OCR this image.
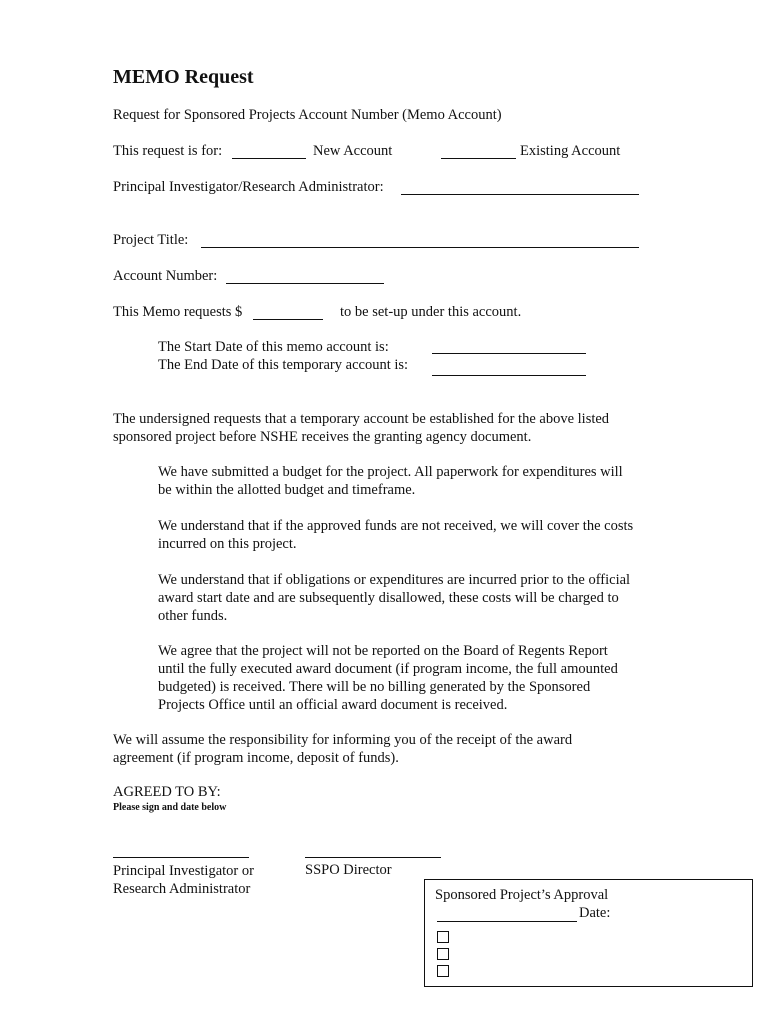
MEMO Request
Request for Sponsored Projects Account Number (Memo Account)
This request is for:	New Account	Existing Account
Principal Investigator/Research Administrator:
Project Title:
Account Number:
This Memo requests $	to be set-up under this account.
The Start Date of this memo account is:
The End Date of this temporary account is:
The undersigned requests that a temporary account be established for the above listed
sponsored project before NSHE receives the granting agency document.
We have submitted a budget for the project. All paperwork for expenditures will
be within the allotted budget and timeframe.
We understand that if the approved funds are not received, we will cover the costs
incurred on this project.
We understand that if obligations or expenditures are incurred prior to the official
award start date and are subsequently disallowed, these costs will be charged to
other funds.
We agree that the project will not be reported on the Board of Regents Report
until the fully executed award document (if program income, the full amounted
budgeted) is received. There will be no billing generated by the Sponsored
Projects Office until an official award document is received.
We will assume the responsibility for informing you of the receipt of the award
agreement (if program income, deposit of funds).
AGREED TO BY:
Please sign and date below
Principal Investigator or
Research Administrator
SSPO Director
Sponsored Project’s Approval
Date:
